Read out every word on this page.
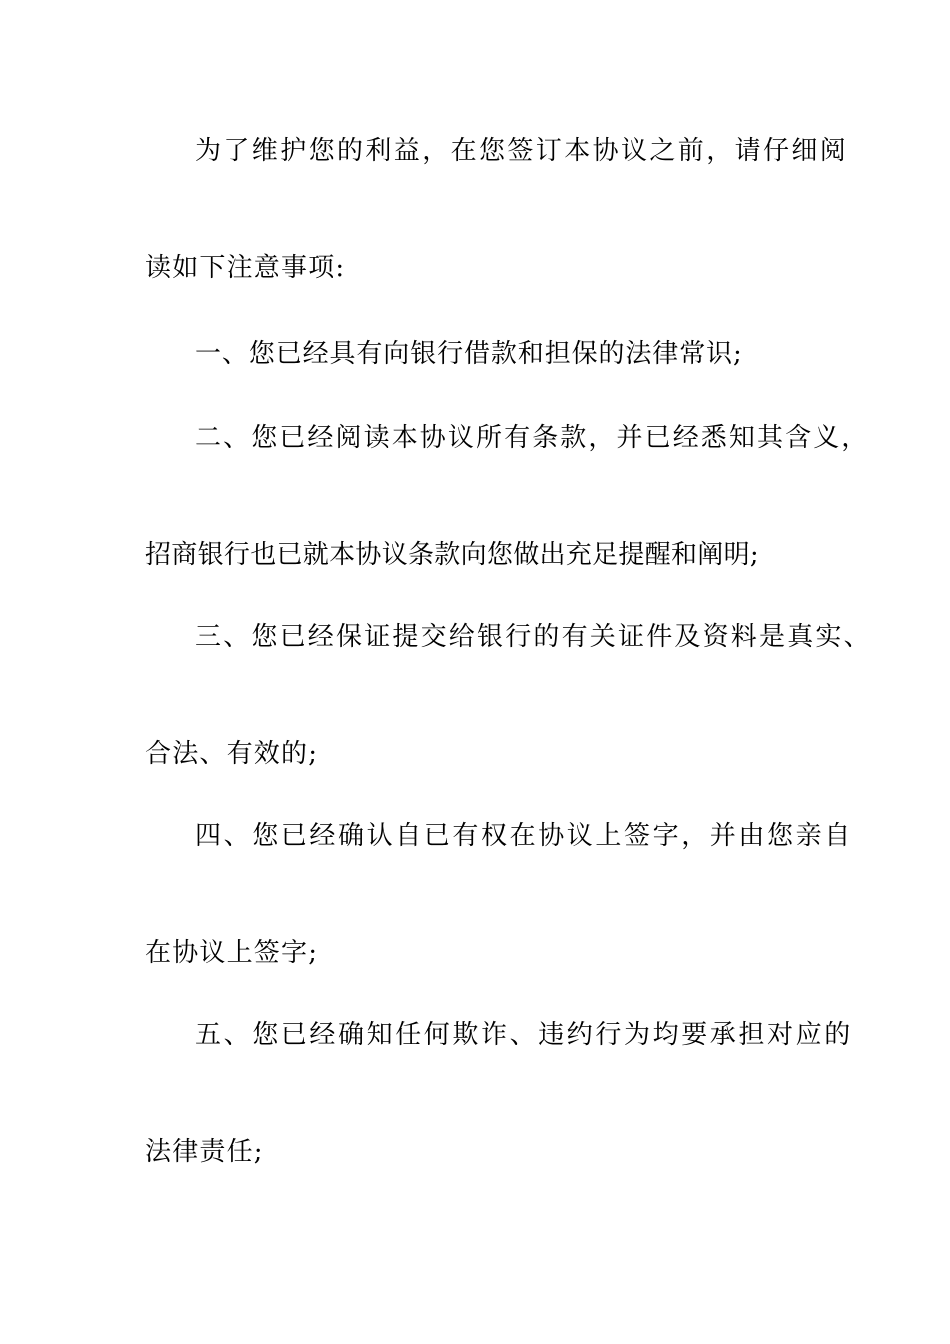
为了维护您的利益，在您签订本协议之前，请仔细阅
读如下注意事项:
一、您已经具有向银行借款和担保的法律常识;
二、您已经阅读本协议所有条款，并已经悉知其含义，
招商银行也已就本协议条款向您做出充足提醒和阐明;
三、您已经保证提交给银行的有关证件及资料是真实、
合法、有效的;
四、您已经确认自已有权在协议上签字，并由您亲自
在协议上签字;
五、您已经确知任何欺诈、违约行为均要承担对应的
法律责任;
